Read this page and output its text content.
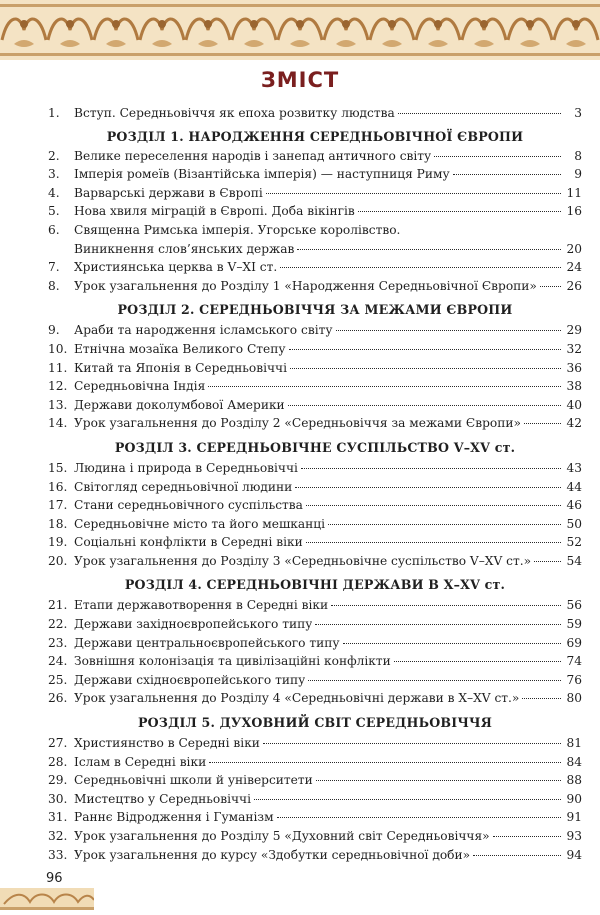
ЗМІСТ
1.	Вступ. Середньовіччя як епоха розвитку людства	3
РОЗДІЛ 1. НАРОДЖЕННЯ СЕРЕДНЬОВІЧНОЇ ЄВРОПИ
2.	Велике переселення народів і занепад античного світу	8
3.	Імперія ромеїв (Візантійська імперія) — наступниця Риму	9
4.	Варварські держави в Європі	11
5.	Нова хвиля міграцій в Європі. Доба вікінгів	16
6.	Священна Римська імперія. Угорське королівство.
Виникнення слов’янських держав	20
7.	Християнська церква в V–XI ст.	24
8.	Урок узагальнення до Розділу 1 «Народження Середньовічної Європи» 26
РОЗДІЛ 2. СЕРЕДНЬОВІЧЧЯ ЗА МЕЖАМИ ЄВРОПИ
9.	Араби та народження ісламського світу	29
10. Етнічна мозаїка Великого Степу	32
11. Китай та Японія в Середньовіччі	36
12. Середньовічна Індія	38
13. Держави доколумбової Америки	40
14. Урок узагальнення до Розділу 2 «Середньовіччя за межами Європи»	42
РОЗДІЛ 3. СЕРЕДНЬОВІЧНЕ СУСПІЛЬСТВО V–XV ст.
15. Людина і природа в Середньовіччі	43
16. Світогляд середньовічної людини	44
17. Стани середньовічного суспільства	46
18. Середньовічне місто та його мешканці	50
19. Соціальні конфлікти в Середні віки	52
20. Урок узагальнення до Розділу 3 «Середньовічне суспільство V–XV ст.»	54
РОЗДІЛ 4. СЕРЕДНЬОВІЧНІ ДЕРЖАВИ В X–XV ст.
21. Етапи державотворення в Середні віки	56
22. Держави західноєвропейського типу	59
23. Держави центральноєвропейського типу	69
24. Зовнішня колонізація та цивілізаційні конфлікти	74
25. Держави східноєвропейського типу	76
26. Урок узагальнення до Розділу 4 «Середньовічні держави в X–XV ст.»	80
РОЗДІЛ 5. ДУХОВНИЙ СВІТ СЕРЕДНЬОВІЧЧЯ
27. Християнство в Середні віки	81
28. Іслам в Середні віки	84
29. Середньовічні школи й університети	88
30. Мистецтво у Середньовіччі	90
31. Раннє Відродження і Гуманізм	91
32. Урок узагальнення до Розділу 5 «Духовний світ Середньовіччя»	93
33. Урок узагальнення до курсу «Здобутки середньовічної доби»	94
96
